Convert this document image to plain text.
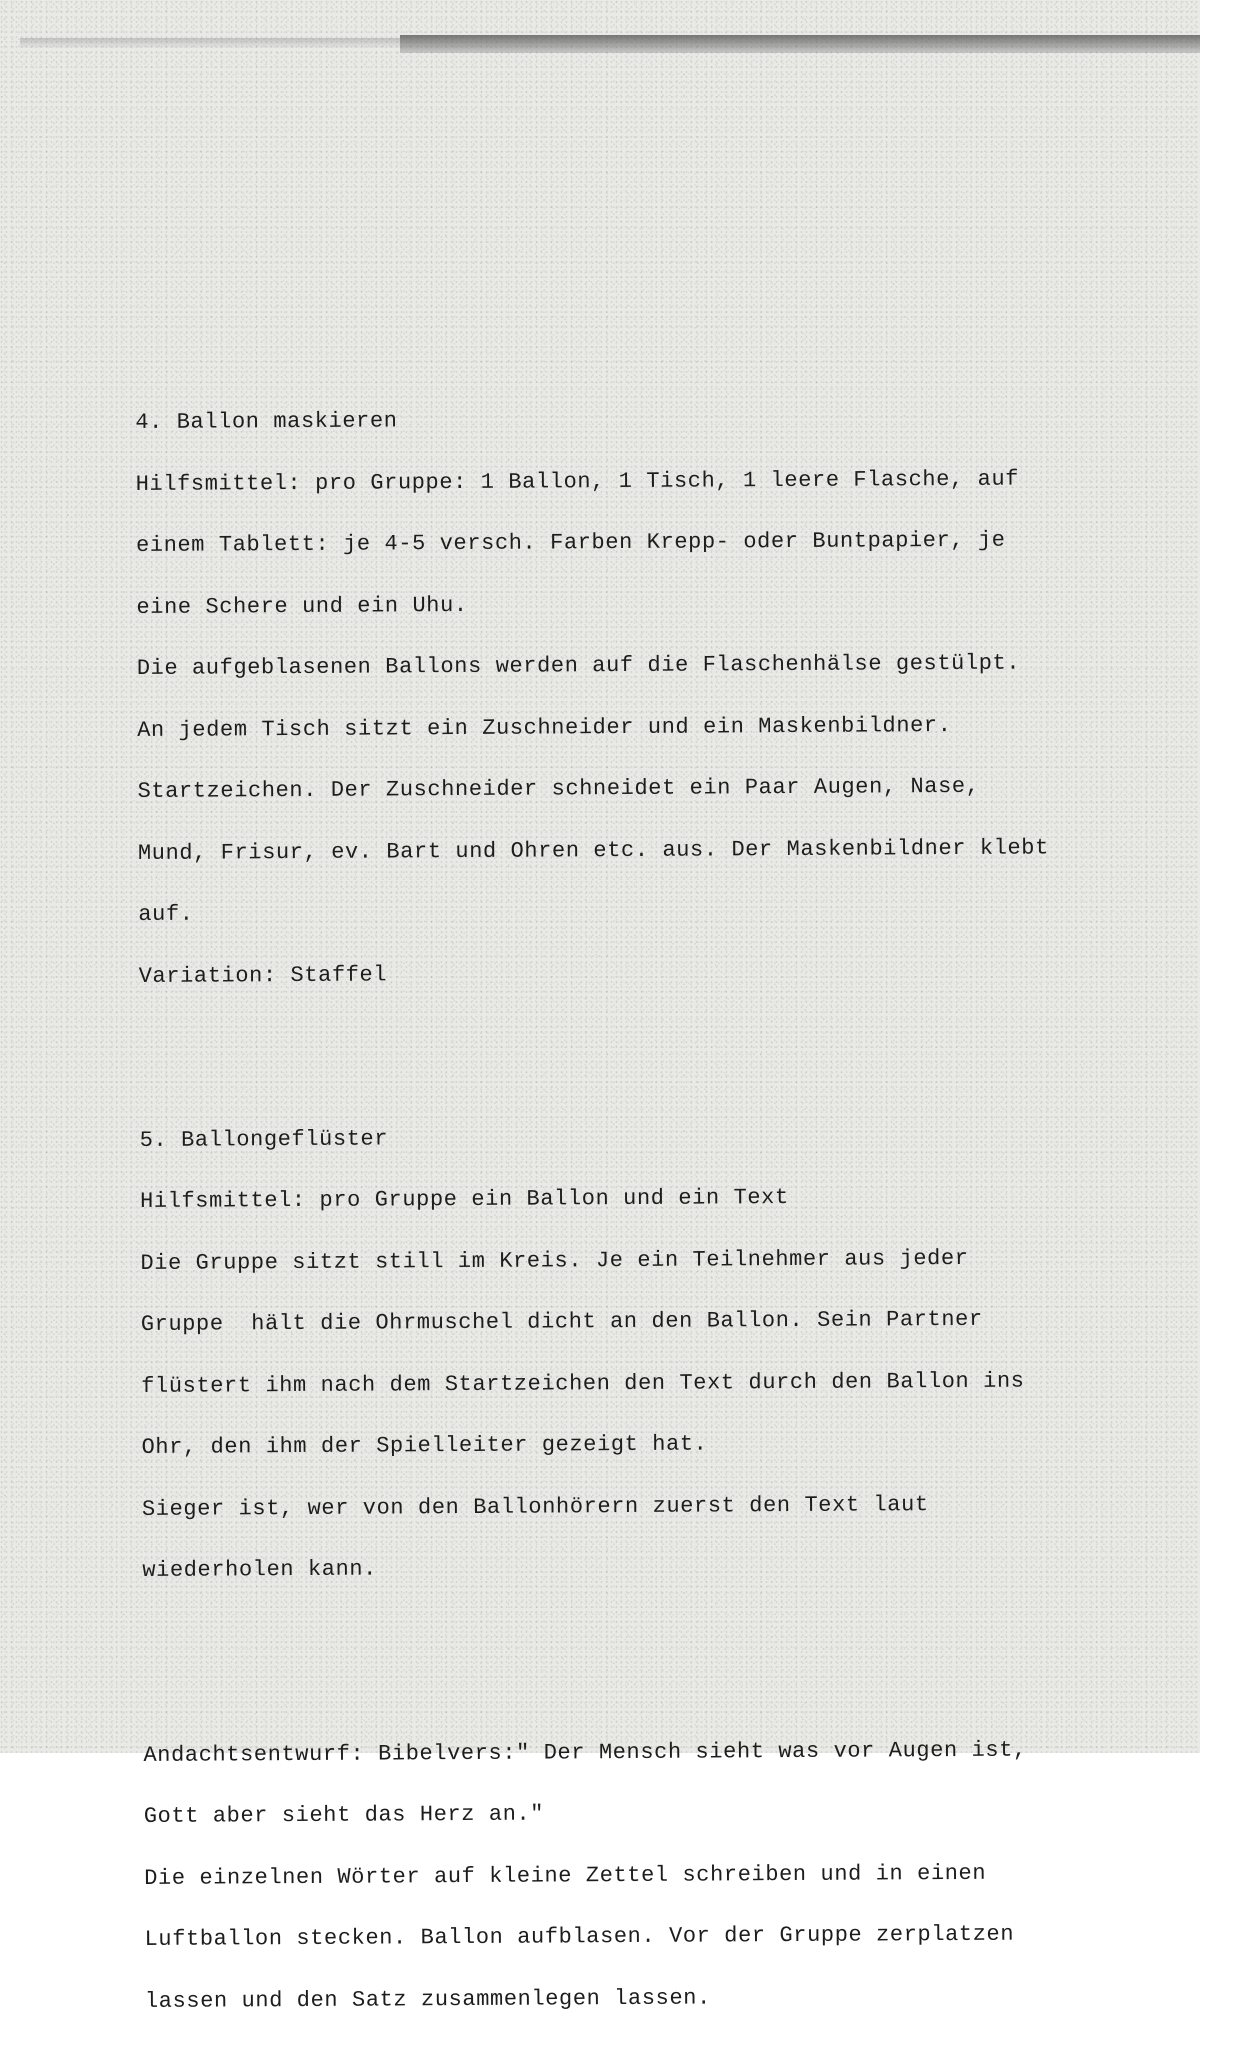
4. Ballon maskieren

Hilfsmittel: pro Gruppe: 1 Ballon, 1 Tisch, 1 leere Flasche, auf

einem Tablett: je 4-5 versch. Farben Krepp- oder Buntpapier, je

eine Schere und ein Uhu.

Die aufgeblasenen Ballons werden auf die Flaschenhälse gestülpt.

An jedem Tisch sitzt ein Zuschneider und ein Maskenbildner.

Startzeichen. Der Zuschneider schneidet ein Paar Augen, Nase,

Mund, Frisur, ev. Bart und Ohren etc. aus. Der Maskenbildner klebt

auf.

Variation: Staffel

5. Ballongeflüster

Hilfsmittel: pro Gruppe ein Ballon und ein Text

Die Gruppe sitzt still im Kreis. Je ein Teilnehmer aus jeder

Gruppe  hält die Ohrmuschel dicht an den Ballon. Sein Partner

flüstert ihm nach dem Startzeichen den Text durch den Ballon ins

Ohr, den ihm der Spielleiter gezeigt hat.

Sieger ist, wer von den Ballonhörern zuerst den Text laut

wiederholen kann.

Andachtsentwurf: Bibelvers:" Der Mensch sieht was vor Augen ist,

Gott aber sieht das Herz an."

Die einzelnen Wörter auf kleine Zettel schreiben und in einen

Luftballon stecken. Ballon aufblasen. Vor der Gruppe zerplatzen

lassen und den Satz zusammenlegen lassen.
